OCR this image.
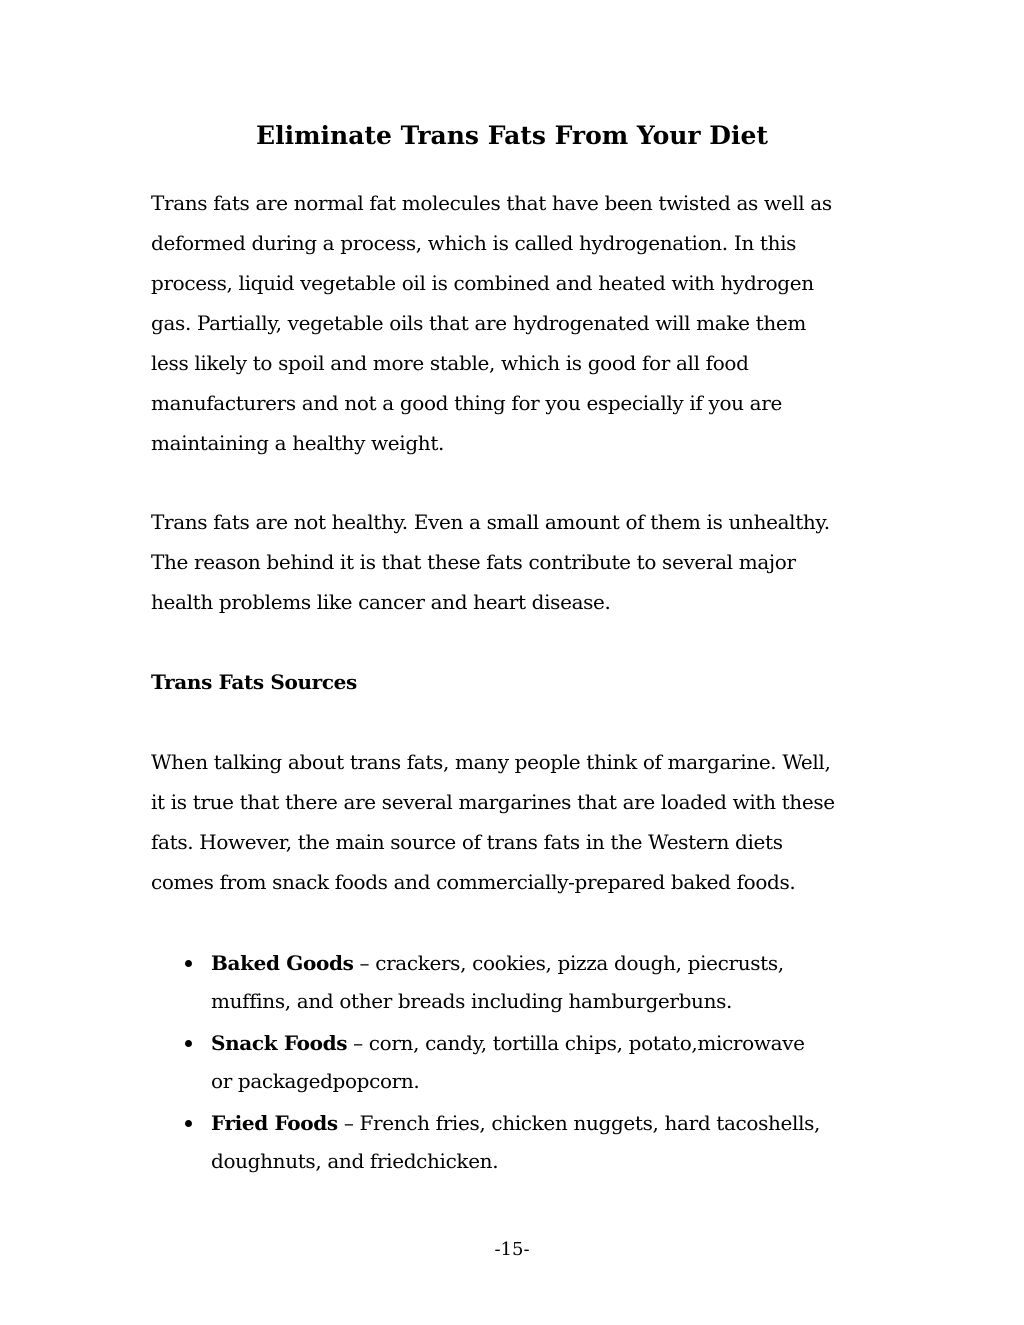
Eliminate Trans Fats From Your Diet

Trans fats are normal fat molecules that have been twisted as well as
deformed during a process, which is called hydrogenation. In this
process, liquid vegetable oil is combined and heated with hydrogen
gas. Partially, vegetable oils that are hydrogenated will make them
less likely to spoil and more stable, which is good for all food
manufacturers and not a good thing for you especially if you are
maintaining a healthy weight.

Trans fats are not healthy. Even a small amount of them is unhealthy.
The reason behind it is that these fats contribute to several major
health problems like cancer and heart disease.

Trans Fats Sources

When talking about trans fats, many people think of margarine. Well,
it is true that there are several margarines that are loaded with these
fats. However, the main source of trans fats in the Western diets
comes from snack foods and commercially-prepared baked foods.

Baked Goods – crackers, cookies, pizza dough, piecrusts,
muffins, and other breads including hamburgerbuns.
Snack Foods – corn, candy, tortilla chips, potato,microwave
or packagedpopcorn.
Fried Foods – French fries, chicken nuggets, hard tacoshells,
doughnuts, and friedchicken.
-15-
